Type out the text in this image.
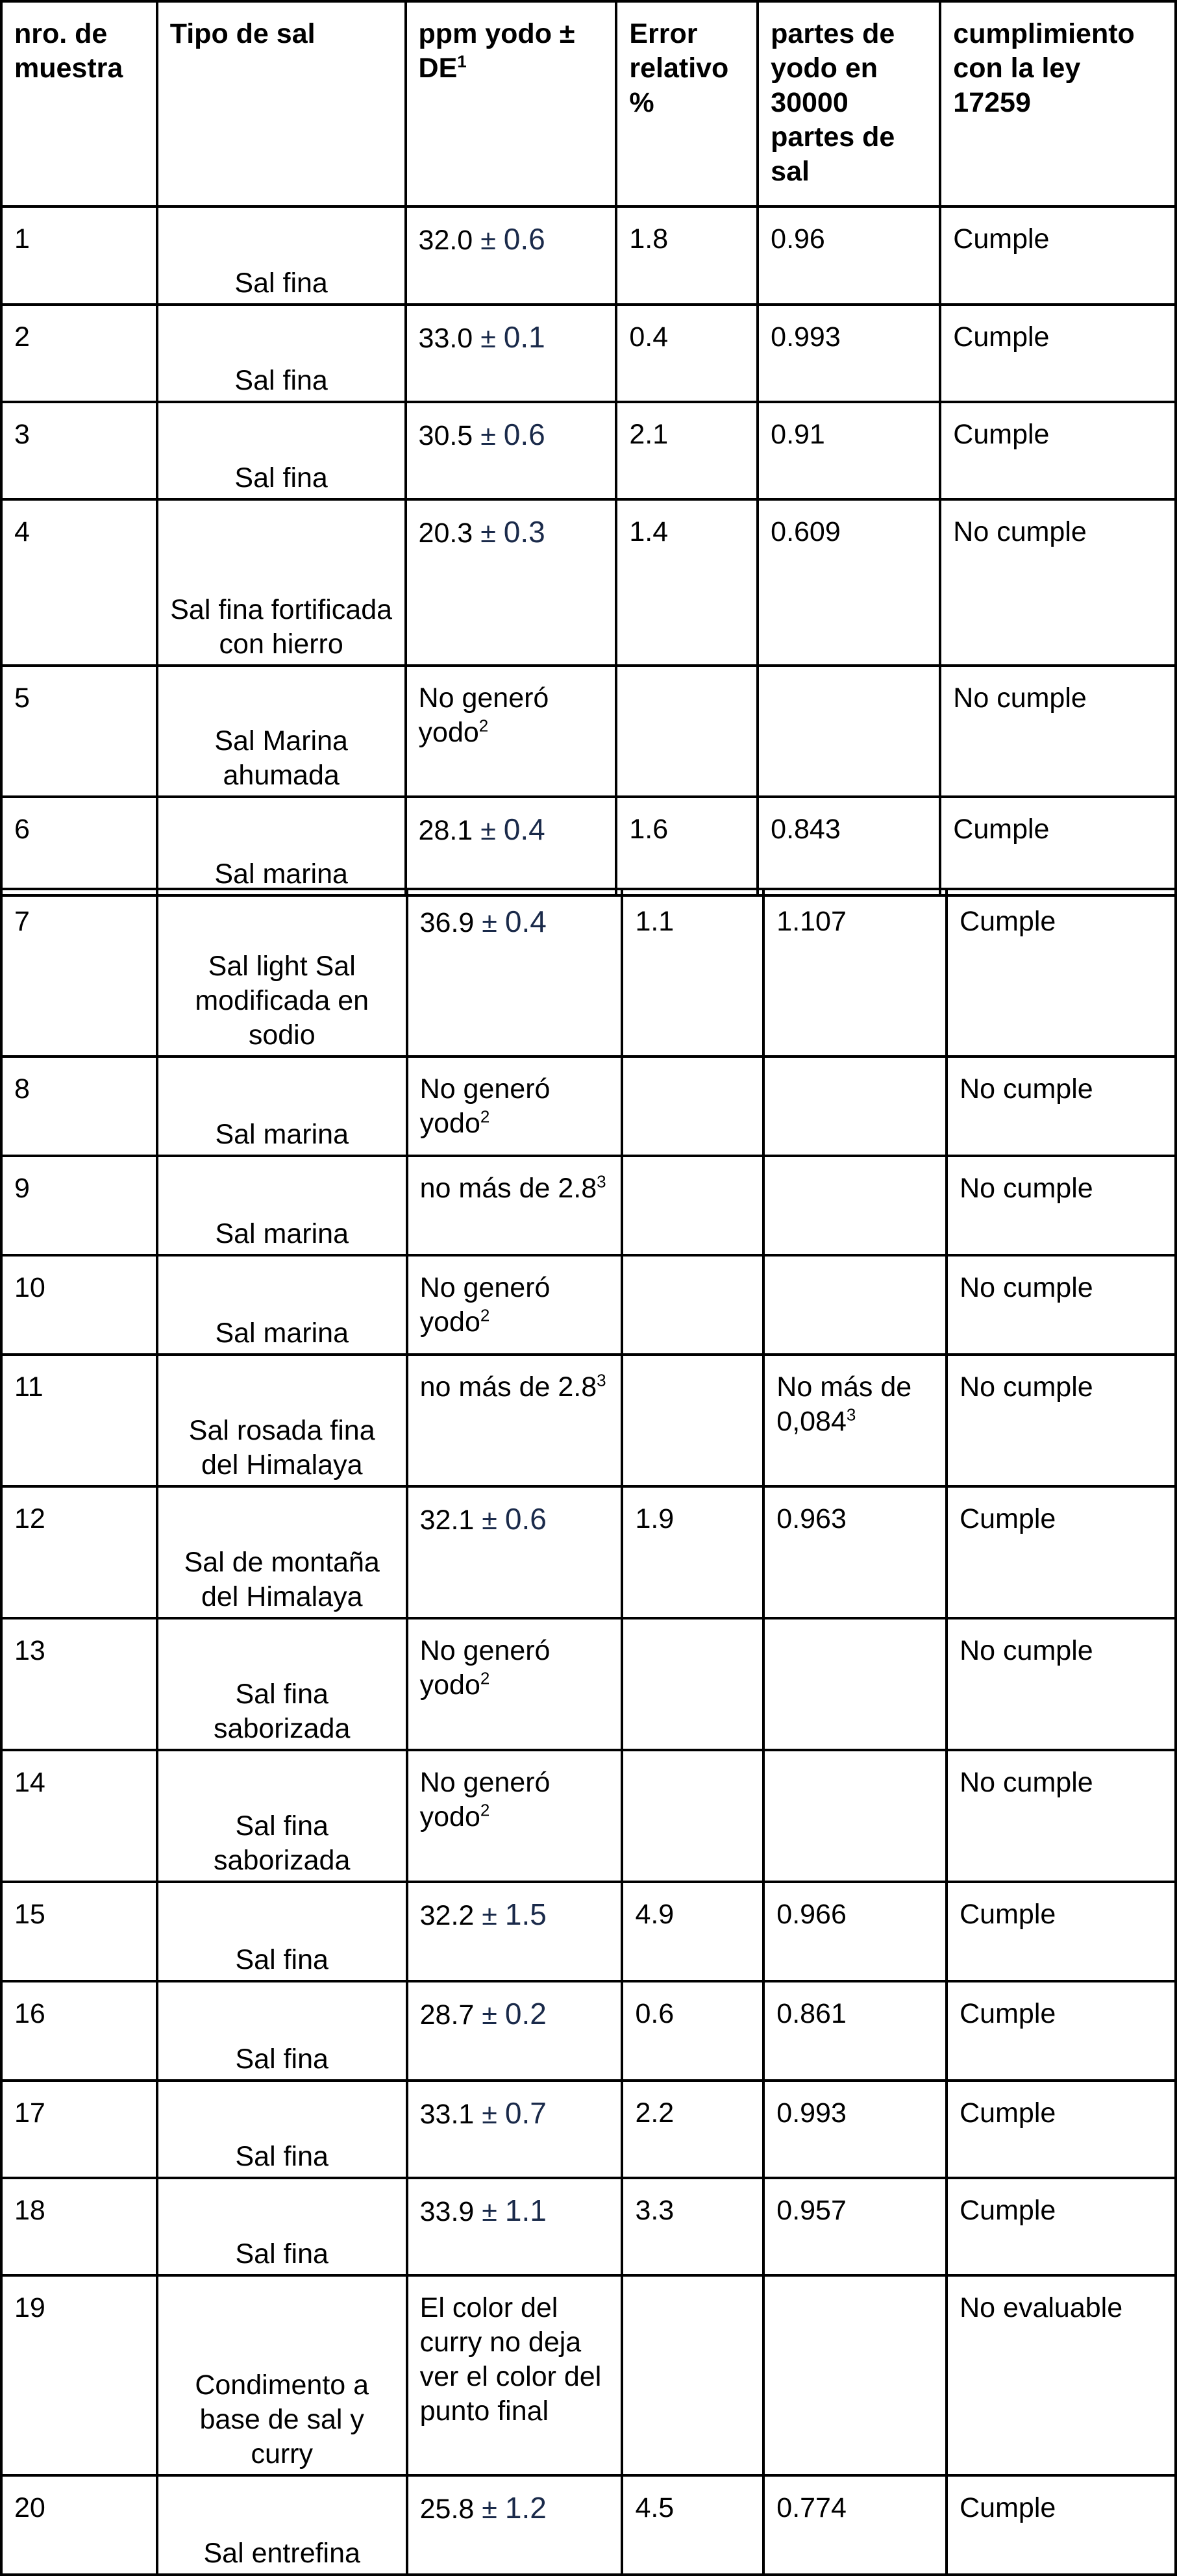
nro. de muestra	Tipo de sal	ppm yodo ± $DE^1$	Error relativo %	partes de yodo en 30000 partes de sal	cumplimiento con la ley 17259
1	Sal fina	32.0 ± 0.6	1.8	0.96	Cumple
2	Sal fina	33.0 ± 0.1	0.4	0.993	Cumple
3	Sal fina	30.5 ± 0.6	2.1	0.91	Cumple
4	Sal fina fortificada con hierro	20.3 ± 0.3	1.4	0.609	No cumple
5	Sal Marina ahumada	No generó yodo$^2$			No cumple
6	Sal marina	28.1 ± 0.4	1.6	0.843	Cumple
7	Sal light Sal modificada en sodio	36.9 ± 0.4	1.1	1.107	Cumple
8	Sal marina	No generó yodo$^2$			No cumple
9	Sal marina	no más de $2.8^3$			No cumple
10	Sal marina	No generó yodo$^2$			No cumple
11	Sal rosada fina del Himalaya	no más de $2.8^3$		No más de 0,084$^3$	No cumple
12	Sal de montaña del Himalaya	32.1 ± 0.6	1.9	0.963	Cumple
13	Sal fina saborizada	No generó yodo$^2$			No cumple
14	Sal fina saborizada	No generó yodo$^2$			No cumple
15	Sal fina	32.2 ± 1.5	4.9	0.966	Cumple
16	Sal fina	28.7 ± 0.2	0.6	0.861	Cumple
17	Sal fina	33.1 ± 0.7	2.2	0.993	Cumple
18	Sal fina	33.9 ± 1.1	3.3	0.957	Cumple
19	Condimento a base de sal y curry	El color del curry no deja ver el color del punto final			No evaluable
20	Sal entrefina	25.8 ± 1.2	4.5	0.774	Cumple
